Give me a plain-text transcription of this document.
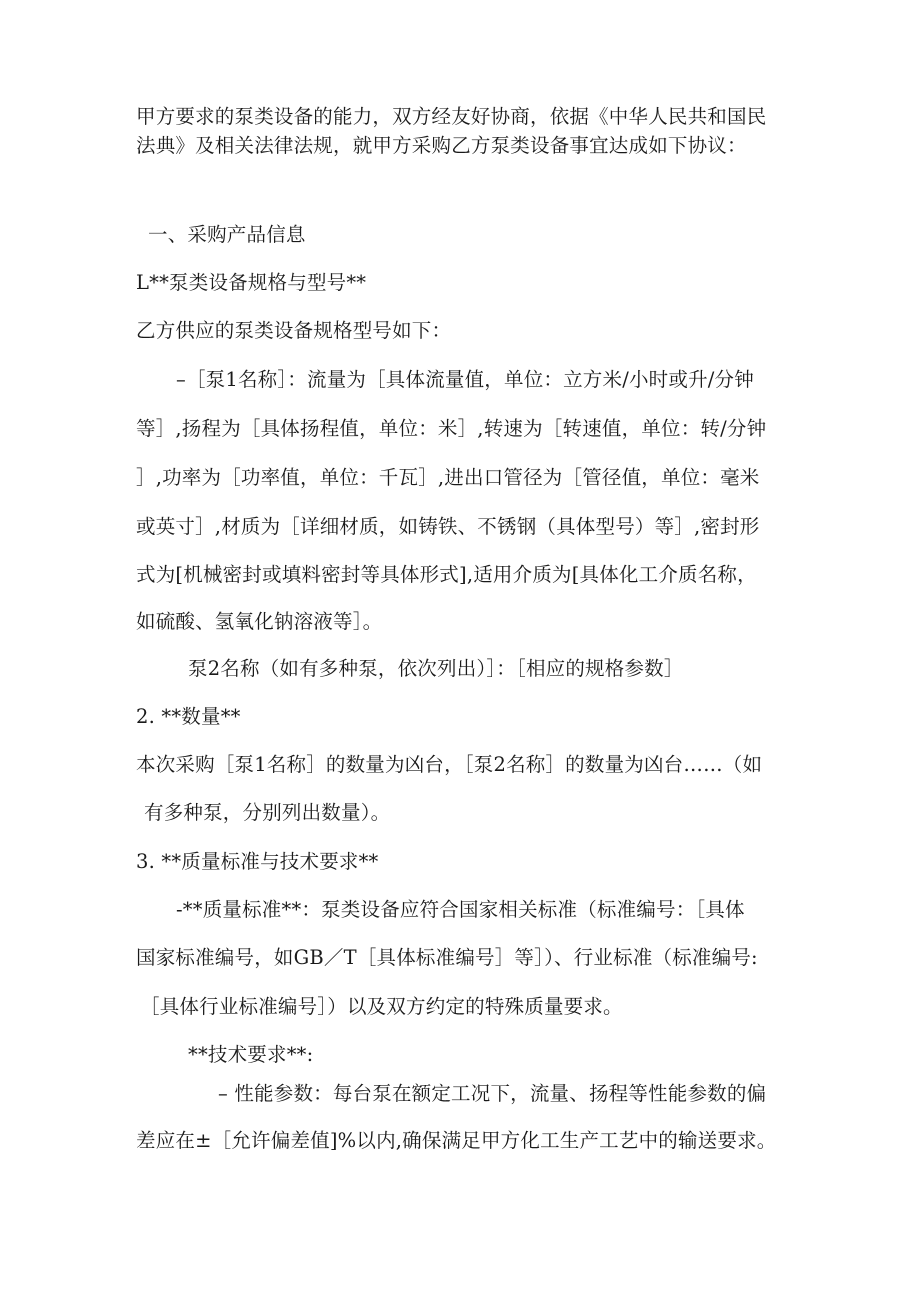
甲方要求的泵类设备的能力，双方经友好协商，依据《中华人民共和国民
法典》及相关法律法规，就甲方采购乙方泵类设备事宜达成如下协议：
一、采购产品信息
L**泵类设备规格与型号**
乙方供应的泵类设备规格型号如下：
–［泵1名称］：流量为［具体流量值，单位：立方米/小时或升/分钟
等］,扬程为［具体扬程值，单位：米］,转速为［转速值，单位：转/分钟
］,功率为［功率值，单位：千瓦］,进出口管径为［管径值，单位：毫米
或英寸］,材质为［详细材质，如铸铁、不锈钢（具体型号）等］,密封形
式为[机械密封或填料密封等具体形式],适用介质为[具体化工介质名称，
如硫酸、氢氧化钠溶液等］。
泵2名称（如有多种泵，依次列出）］：［相应的规格参数］
2. **数量**
本次采购［泵1名称］的数量为凶台，［泵2名称］的数量为凶台……（如
有多种泵，分别列出数量）。
3. **质量标准与技术要求**
-**质量标准**：泵类设备应符合国家相关标准（标准编号：［具体
国家标准编号，如GB／T［具体标准编号］等］）、行业标准（标准编号:
［具体行业标准编号］）以及双方约定的特殊质量要求。
**技术要求**:
– 性能参数：每台泵在额定工况下，流量、扬程等性能参数的偏
差应在±［允许偏差值]%以内,确保满足甲方化工生产工艺中的输送要求。
